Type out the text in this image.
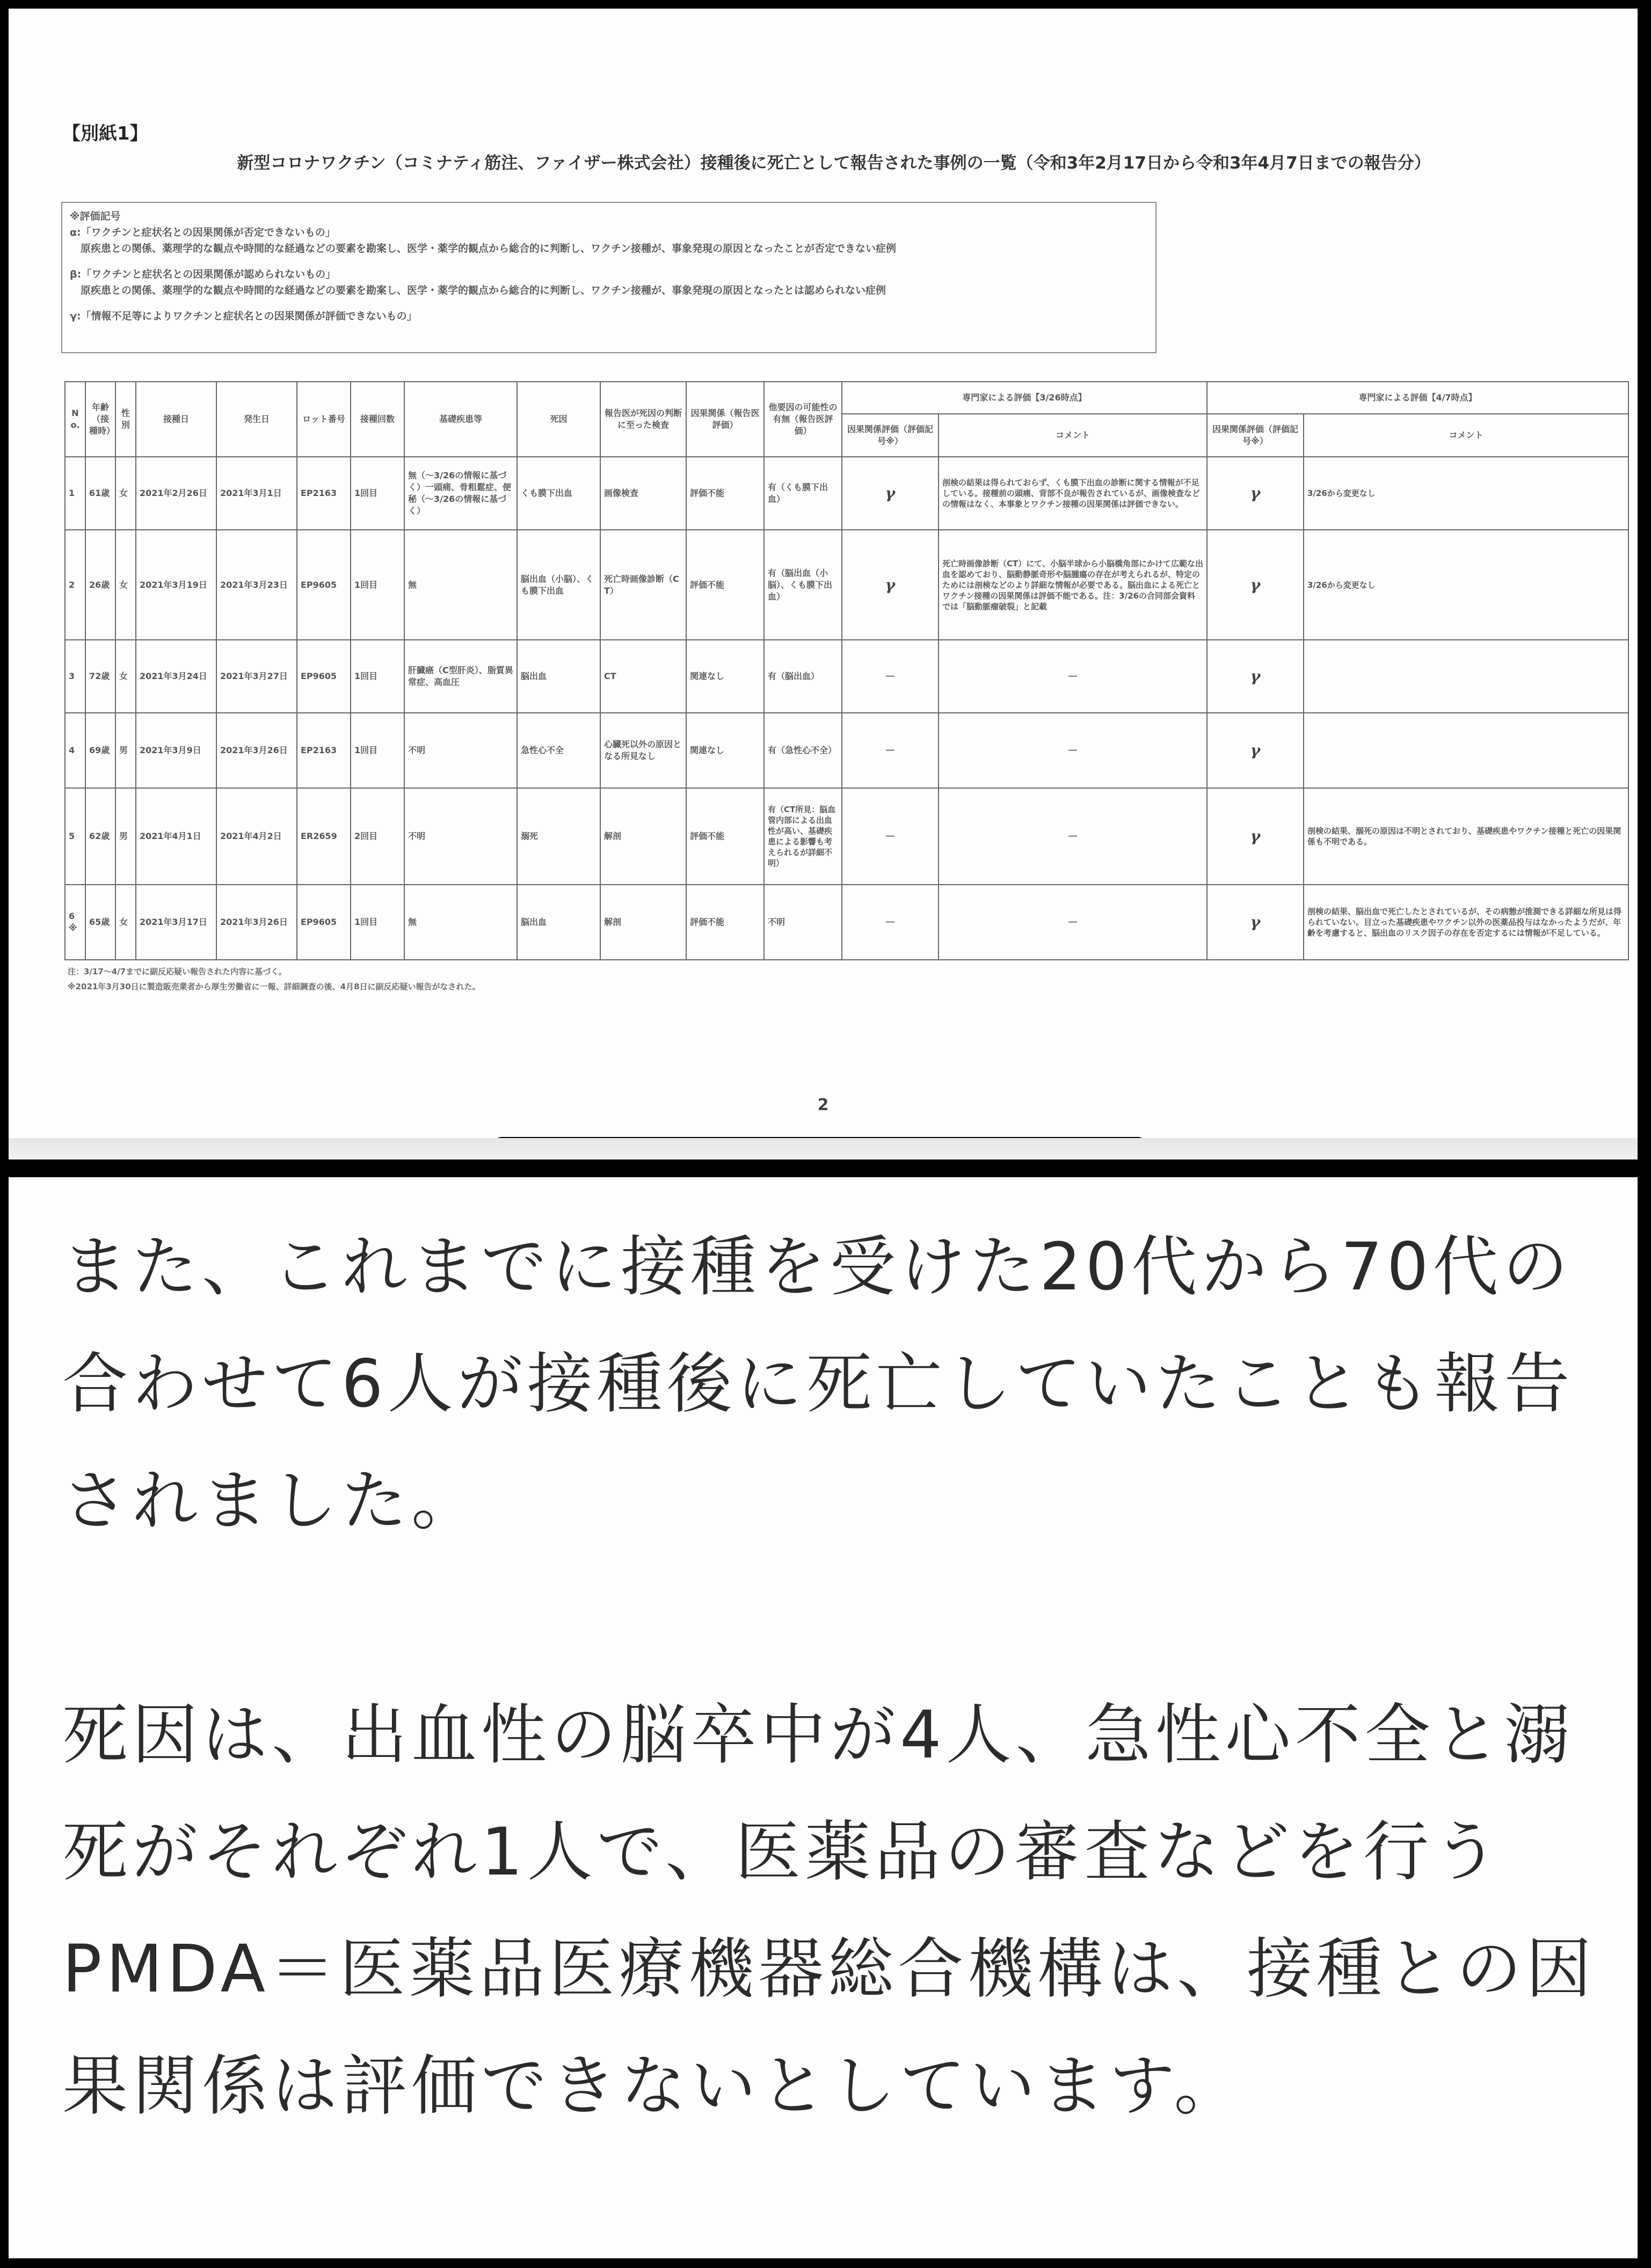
【別紙1】
新型コロナワクチン（コミナティ筋注、ファイザー株式会社）接種後に死亡として報告された事例の一覧（令和3年2月17日から令和3年4月7日までの報告分）
※評価記号
α:「ワクチンと症状名との因果関係が否定できないもの」
原疾患との関係、薬理学的な観点や時間的な経過などの要素を勘案し、医学・薬学的観点から総合的に判断し、ワクチン接種が、事象発現の原因となったことが否定できない症例
β:「ワクチンと症状名との因果関係が認められないもの」
原疾患との関係、薬理学的な観点や時間的な経過などの要素を勘案し、医学・薬学的観点から総合的に判断し、ワクチン接種が、事象発現の原因となったとは認められない症例
γ:「情報不足等によりワクチンと症状名との因果関係が評価できないもの」
No.	年齢（接種時）	性別	接種日	発生日	ロット番号	接種回数	基礎疾患等	死因	報告医が死因の判断に至った検査	因果関係（報告医評価）	他要因の可能性の有無（報告医評価）	専門家による評価【3/26時点】		専門家による評価【4/7時点】	
												因果関係評価（評価記号※）	コメント	因果関係評価（評価記号※）	コメント
1	61歳	女	2021年2月26日	2021年3月1日	EP2163	1回目	無（～3/26の情報に基づく）一頭痛、骨粗鬆症、便秘（～3/26の情報に基づく）	くも膜下出血	画像検査	評価不能	有（くも膜下出血）	γ	剖検の結果は得られておらず、くも膜下出血の診断に関する情報が不足している。接種前の頭痛、背部不良が報告されているが、画像検査などの情報はなく、本事象とワクチン接種の因果関係は評価できない。	γ	3/26から変更なし
2	26歳	女	2021年3月19日	2021年3月23日	EP9605	1回目	無	脳出血（小脳）、くも膜下出血	死亡時画像診断（CT）	評価不能	有（脳出血（小脳）、くも膜下出血）	γ	死亡時画像診断（CT）にて、小脳半球から小脳橋角部にかけて広範な出血を認めており、脳動静脈奇形や脳腫瘍の存在が考えられるが、特定のためには剖検などのより詳細な情報が必要である。脳出血による死亡とワクチン接種の因果関係は評価不能である。注：3/26の合同部会資料では「脳動脈瘤破裂」と記載	γ	3/26から変更なし
3	72歳	女	2021年3月24日	2021年3月27日	EP9605	1回目	肝臓癌（C型肝炎）、脂質異常症、高血圧	脳出血	CT	関連なし	有（脳出血）	－	－	γ	
4	69歳	男	2021年3月9日	2021年3月26日	EP2163	1回目	不明	急性心不全	心臓死以外の原因となる所見なし	関連なし	有（急性心不全）	－	－	γ	
5	62歳	男	2021年4月1日	2021年4月2日	ER2659	2回目	不明	溺死	解剖	評価不能	有（CT所見：脳血管内部による出血性が高い、基礎疾患による影響も考えられるが詳細不明）	－	－	γ	剖検の結果、溺死の原因は不明とされており、基礎疾患やワクチン接種と死亡の因果関係も不明である。
6※	65歳	女	2021年3月17日	2021年3月26日	EP9605	1回目	無	脳出血	解剖	評価不能	不明	－	－	γ	剖検の結果、脳出血で死亡したとされているが、その病態が推測できる詳細な所見は得られていない。目立った基礎疾患やワクチン以外の医薬品投与はなかったようだが、年齢を考慮すると、脳出血のリスク因子の存在を否定するには情報が不足している。
注：3/17～4/7までに副反応疑い報告された内容に基づく。
※2021年3月30日に製造販売業者から厚生労働省に一報、詳細調査の後、4月8日に副反応疑い報告がなされた。
2

また、これまでに接種を受けた20代から70代の合わせて6人が接種後に死亡していたことも報告されました。

死因は、出血性の脳卒中が4人、急性心不全と溺死がそれぞれ1人で、医薬品の審査などを行うPMDA＝医薬品医療機器総合機構は、接種との因果関係は評価できないとしています。
